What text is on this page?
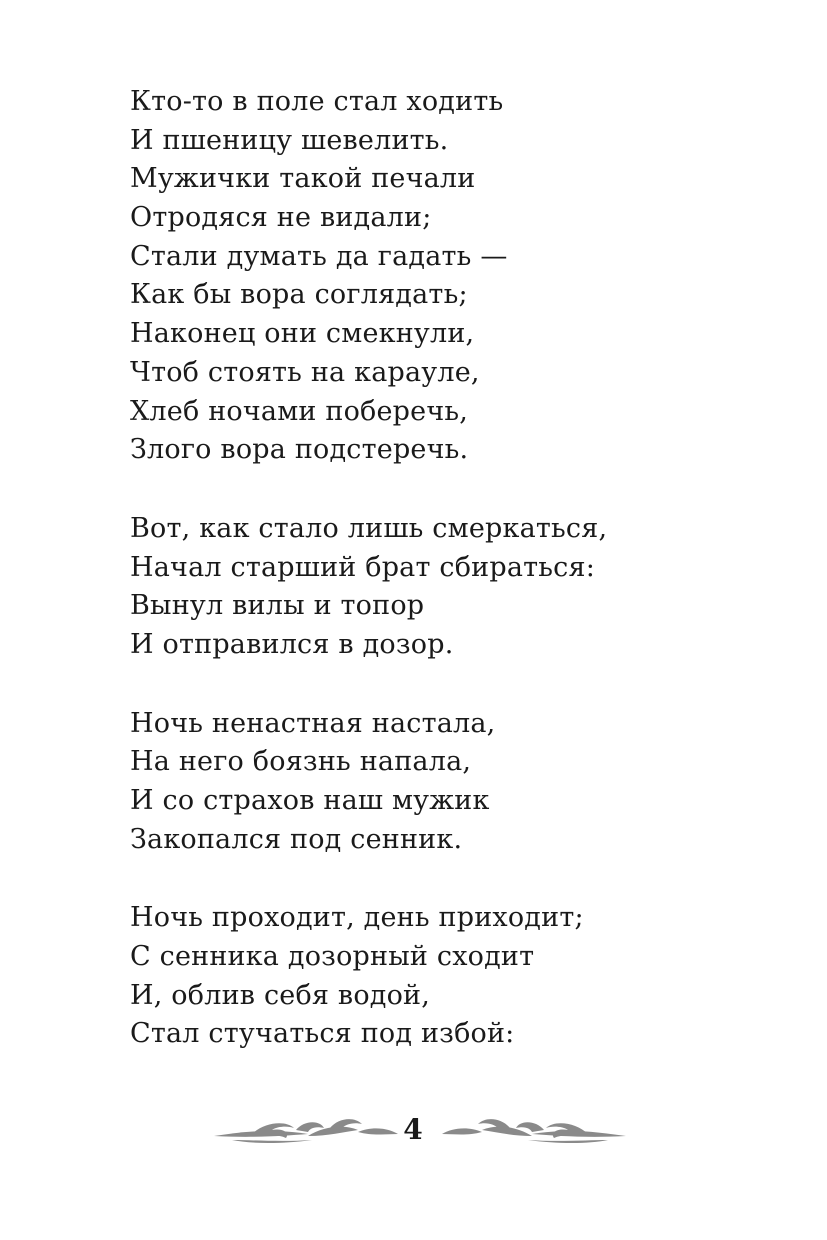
Кто-то в поле стал ходить
И пшеницу шевелить.
Мужички такой печали
Отродяся не видали;
Стали думать да гадать —
Как бы вора соглядать;
Наконец они смекнули,
Чтоб стоять на карауле,
Хлеб ночами поберечь,
Злого вора подстеречь.
Вот, как стало лишь смеркаться,
Начал старший брат сбираться:
Вынул вилы и топор
И отправился в дозор.
Ночь ненастная настала,
На него боязнь напала,
И со страхов наш мужик
Закопался под сенник.
Ночь проходит, день приходит;
С сенника дозорный сходит
И, облив себя водой,
Стал стучаться под избой:
4
